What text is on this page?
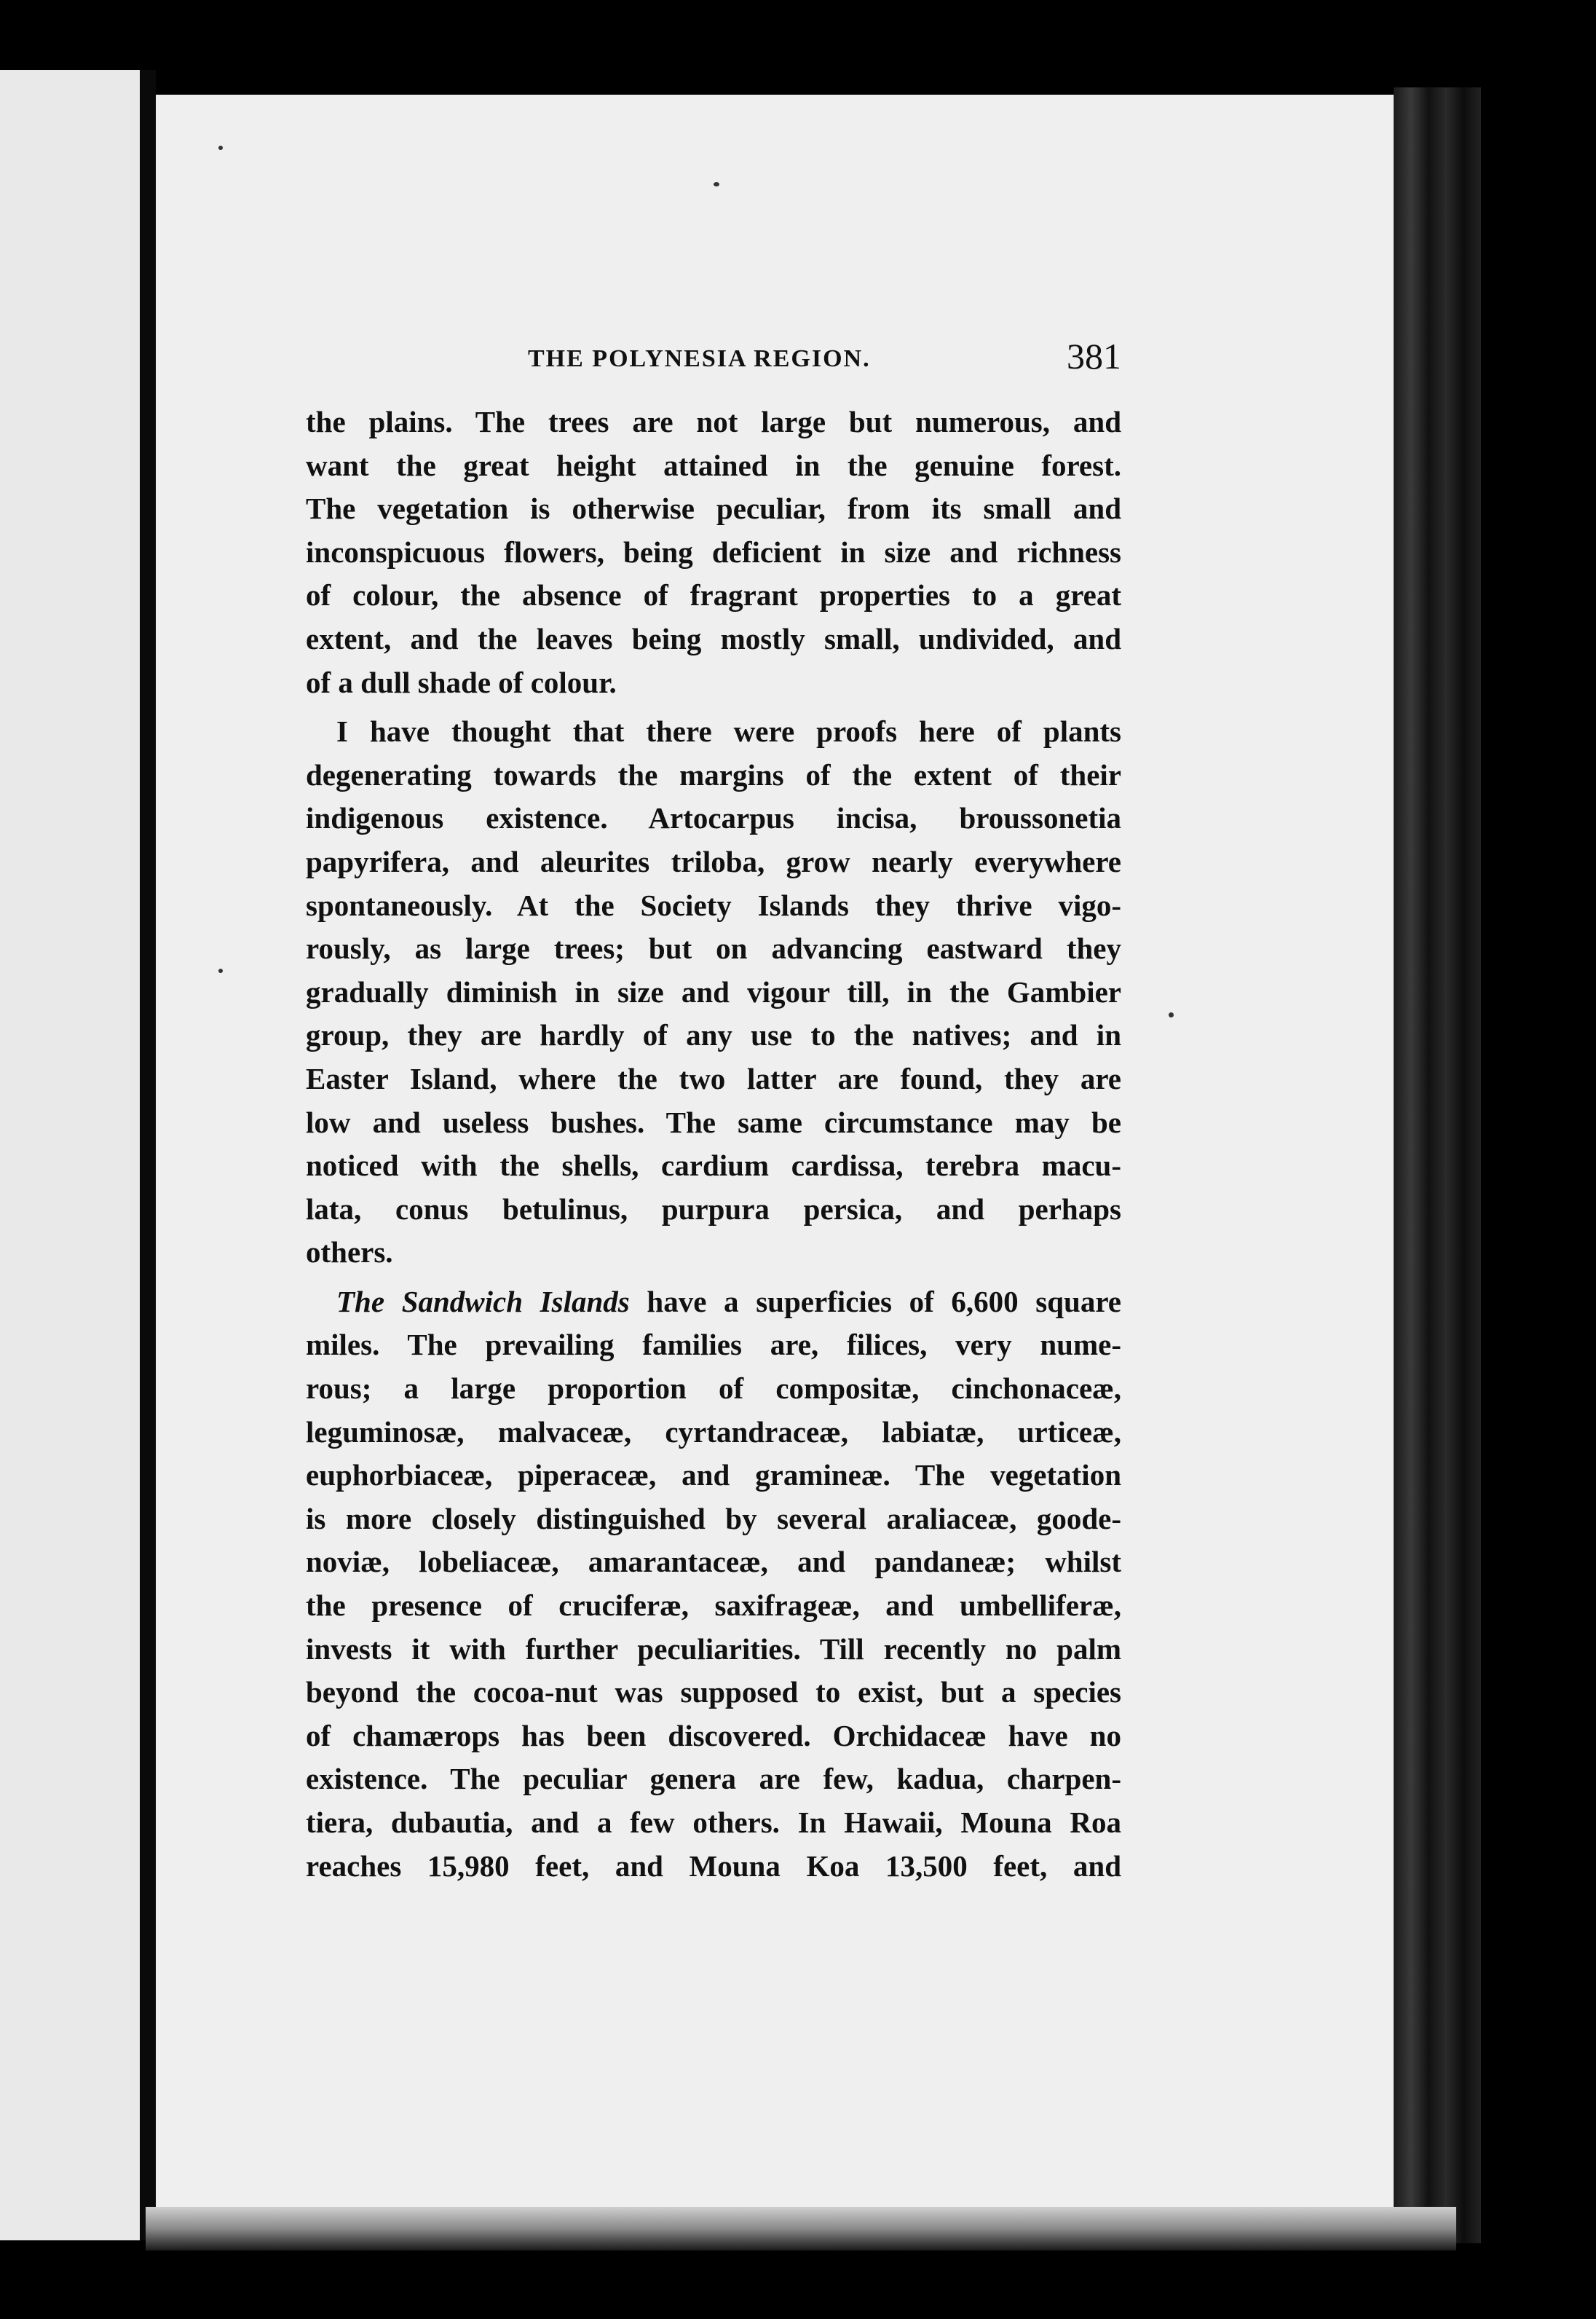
THE POLYNESIA REGION.	381
the plains. The trees are not large but numerous, and
want the great height attained in the genuine forest.
The vegetation is otherwise peculiar, from its small and
inconspicuous flowers, being deficient in size and richness
of colour, the absence of fragrant properties to a great
extent, and the leaves being mostly small, undivided, and
of a dull shade of colour.
I have thought that there were proofs here of plants
degenerating towards the margins of the extent of their
indigenous existence. Artocarpus incisa, broussonetia
papyrifera, and aleurites triloba, grow nearly everywhere
spontaneously. At the Society Islands they thrive vigo-
rously, as large trees; but on advancing eastward they
gradually diminish in size and vigour till, in the Gambier
group, they are hardly of any use to the natives; and in
Easter Island, where the two latter are found, they are
low and useless bushes. The same circumstance may be
noticed with the shells, cardium cardissa, terebra macu-
lata, conus betulinus, purpura persica, and perhaps
others.
The Sandwich Islands have a superficies of 6,600 square
miles. The prevailing families are, filices, very nume-
rous; a large proportion of compositæ, cinchonaceæ,
leguminosæ, malvaceæ, cyrtandraceæ, labiatæ, urticeæ,
euphorbiaceæ, piperaceæ, and gramineæ. The vegetation
is more closely distinguished by several araliaceæ, goode-
noviæ, lobeliaceæ, amarantaceæ, and pandaneæ; whilst
the presence of cruciferæ, saxifrageæ, and umbelliferæ,
invests it with further peculiarities. Till recently no palm
beyond the cocoa-nut was supposed to exist, but a species
of chamærops has been discovered. Orchidaceæ have no
existence. The peculiar genera are few, kadua, charpen-
tiera, dubautia, and a few others. In Hawaii, Mouna Roa
reaches 15,980 feet, and Mouna Koa 13,500 feet, and
